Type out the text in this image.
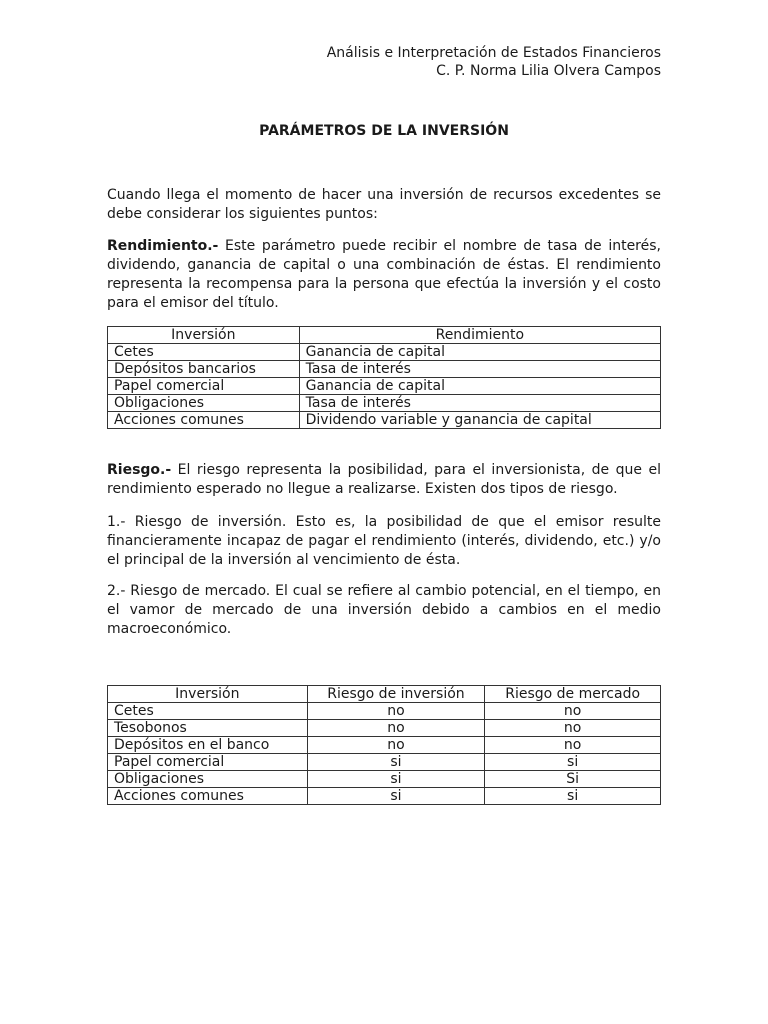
Análisis e Interpretación de Estados Financieros
C. P. Norma Lilia Olvera Campos
PARÁMETROS DE LA INVERSIÓN

Cuando llega el momento de hacer una inversión de recursos excedentes se debe considerar los siguientes puntos:

Rendimiento.- Este parámetro puede recibir el nombre de tasa de interés, dividendo, ganancia de capital o una combinación de éstas. El rendimiento representa la recompensa para la persona que efectúa la inversión y el costo para el emisor del título.

Inversión	Rendimiento
Cetes	Ganancia de capital
Depósitos bancarios	Tasa de interés
Papel comercial	Ganancia de capital
Obligaciones	Tasa de interés
Acciones comunes	Dividendo variable y ganancia de capital

Riesgo.- El riesgo representa la posibilidad, para el inversionista, de que el rendimiento esperado no llegue a realizarse. Existen dos tipos de riesgo.

1.- Riesgo de inversión. Esto es, la posibilidad de que el emisor resulte financieramente incapaz de pagar el rendimiento (interés, dividendo, etc.) y/o el principal de la inversión al vencimiento de ésta.

2.- Riesgo de mercado. El cual se refiere al cambio potencial, en el tiempo, en el vamor de mercado de una inversión debido a cambios en el medio macroeconómico.

Inversión	Riesgo de inversión	Riesgo de mercado
Cetes	no	no
Tesobonos	no	no
Depósitos en el banco	no	no
Papel comercial	si	si
Obligaciones	si	Si
Acciones comunes	si	si
